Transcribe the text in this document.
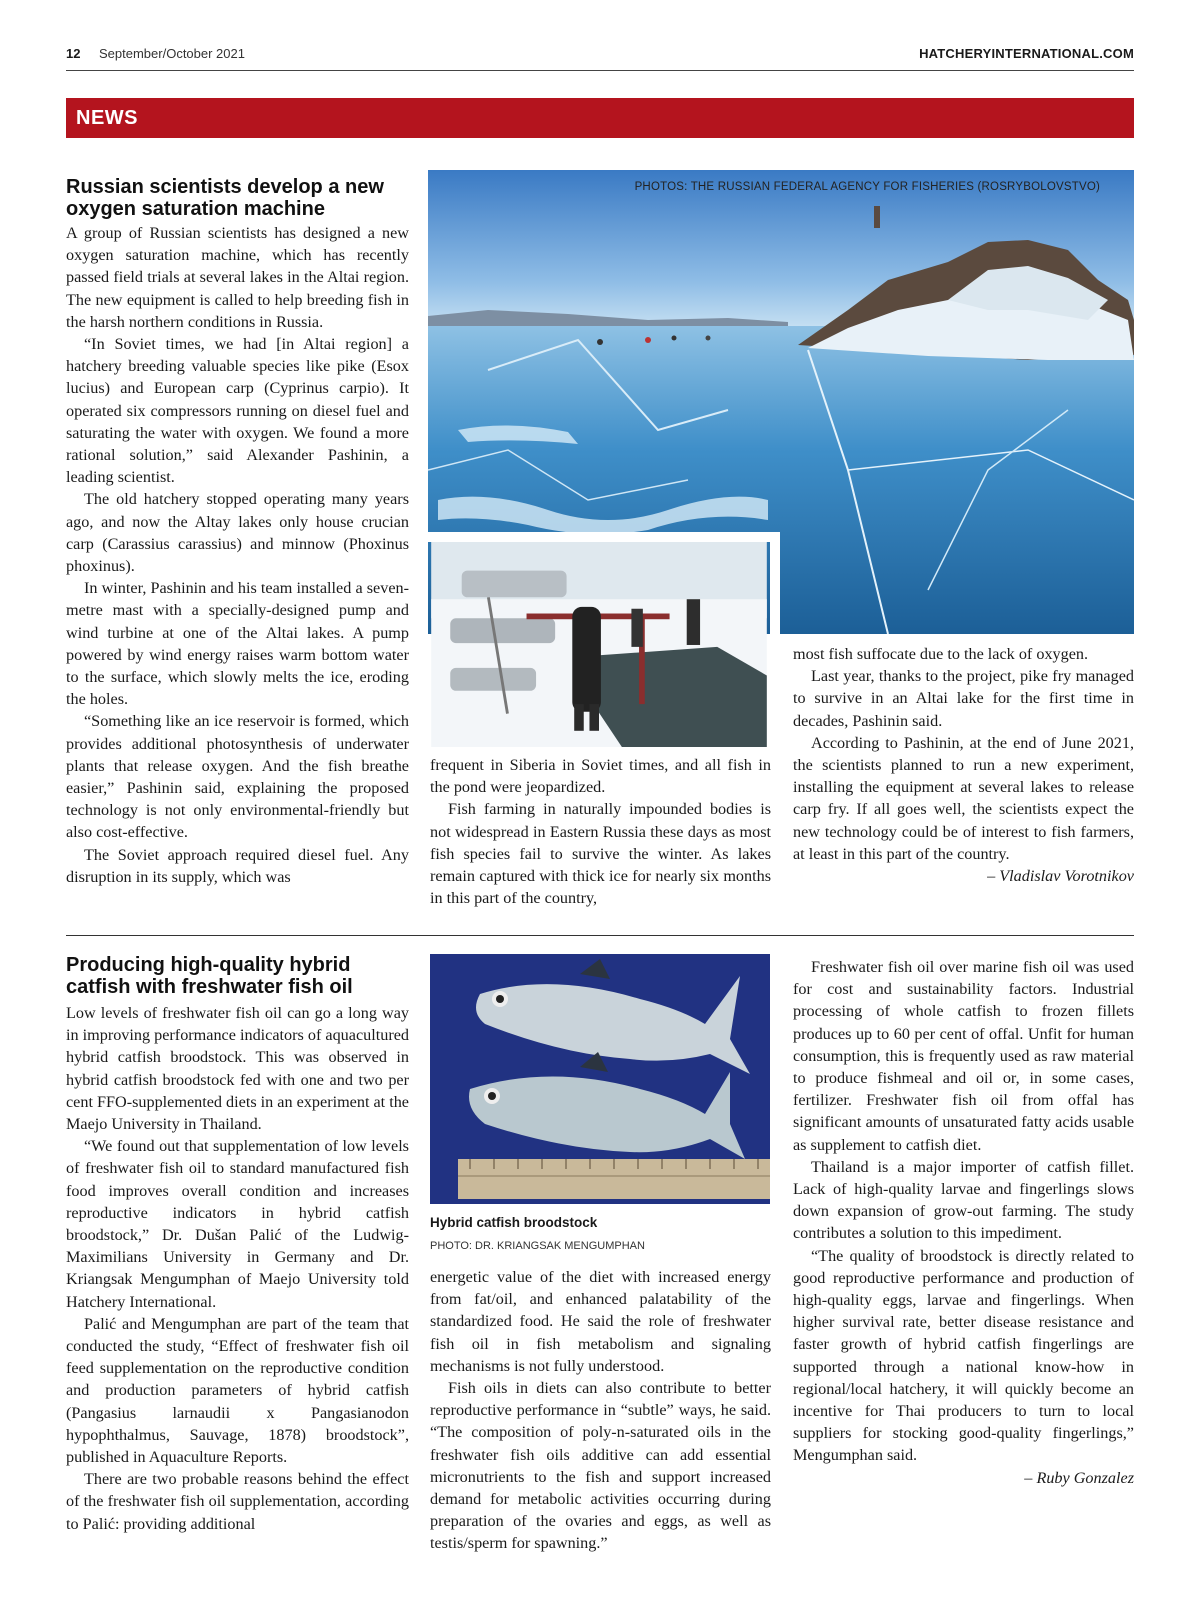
12 September/October 2021	HATCHERYINTERNATIONAL.COM
NEWS
Russian scientists develop a new oxygen saturation machine
PHOTOS: THE RUSSIAN FEDERAL AGENCY FOR FISHERIES (ROSRYBOLOVSTVO)

A group of Russian scientists has designed a new oxygen saturation machine, which has recently passed field trials at several lakes in the Altai region. The new equipment is called to help breeding fish in the harsh northern conditions in Russia.

“In Soviet times, we had [in Altai region] a hatchery breeding valuable species like pike (Esox lucius) and European carp (Cyprinus carpio). It operated six compressors running on diesel fuel and saturating the water with oxygen. We found a more rational solution,” said Alexander Pashinin, a leading scientist.

The old hatchery stopped operating many years ago, and now the Altay lakes only house crucian carp (Carassius carassius) and minnow (Phoxinus phoxinus).

In winter, Pashinin and his team installed a seven-metre mast with a specially-designed pump and wind turbine at one of the Altai lakes. A pump powered by wind energy raises warm bottom water to the surface, which slowly melts the ice, eroding the holes.

“Something like an ice reservoir is formed, which provides additional photosynthesis of underwater plants that release oxygen. And the fish breathe easier,” Pashinin said, explaining the proposed technology is not only environmental-friendly but also cost-effective.

The Soviet approach required diesel fuel. Any disruption in its supply, which was

frequent in Siberia in Soviet times, and all fish in the pond were jeopardized.

Fish farming in naturally impounded bodies is not widespread in Eastern Russia these days as most fish species fail to survive the winter. As lakes remain captured with thick ice for nearly six months in this part of the country,

most fish suffocate due to the lack of oxygen.

Last year, thanks to the project, pike fry managed to survive in an Altai lake for the first time in decades, Pashinin said.

According to Pashinin, at the end of June 2021, the scientists planned to run a new experiment, installing the equipment at several lakes to release carp fry. If all goes well, the scientists expect the new technology could be of interest to fish farmers, at least in this part of the country.

– Vladislav Vorotnikov

Producing high-quality hybrid catfish with freshwater fish oil
Hybrid catfish broodstock
PHOTO: DR. KRIANGSAK MENGUMPHAN

Low levels of freshwater fish oil can go a long way in improving performance indicators of aquacultured hybrid catfish broodstock. This was observed in hybrid catfish broodstock fed with one and two per cent FFO-supplemented diets in an experiment at the Maejo University in Thailand.

“We found out that supplementation of low levels of freshwater fish oil to standard manufactured fish food improves overall condition and increases reproductive indicators in hybrid catfish broodstock,” Dr. Dušan Palić of the Ludwig-Maximilians University in Germany and Dr. Kriangsak Mengumphan of Maejo University told Hatchery International.

Palić and Mengumphan are part of the team that conducted the study, “Effect of freshwater fish oil feed supplementation on the reproductive condition and production parameters of hybrid catfish (Pangasius larnaudii x Pangasianodon hypophthalmus, Sauvage, 1878) broodstock”, published in Aquaculture Reports.

There are two probable reasons behind the effect of the freshwater fish oil supplementation, according to Palić: providing additional

energetic value of the diet with increased energy from fat/oil, and enhanced palatability of the standardized food. He said the role of freshwater fish oil in fish metabolism and signaling mechanisms is not fully understood.

Fish oils in diets can also contribute to better reproductive performance in “subtle” ways, he said. “The composition of poly-n-saturated oils in the freshwater fish oils additive can add essential micronutrients to the fish and support increased demand for metabolic activities occurring during preparation of the ovaries and eggs, as well as testis/sperm for spawning.”

Freshwater fish oil over marine fish oil was used for cost and sustainability factors. Industrial processing of whole catfish to frozen fillets produces up to 60 per cent of offal. Unfit for human consumption, this is frequently used as raw material to produce fishmeal and oil or, in some cases, fertilizer. Freshwater fish oil from offal has significant amounts of unsaturated fatty acids usable as supplement to catfish diet.

Thailand is a major importer of catfish fillet. Lack of high-quality larvae and fingerlings slows down expansion of grow-out farming. The study contributes a solution to this impediment.

“The quality of broodstock is directly related to good reproductive performance and production of high-quality eggs, larvae and fingerlings. When higher survival rate, better disease resistance and faster growth of hybrid catfish fingerlings are supported through a national know-how in regional/local hatchery, it will quickly become an incentive for Thai producers to turn to local suppliers for stocking good-quality fingerlings,” Mengumphan said.

– Ruby Gonzalez
